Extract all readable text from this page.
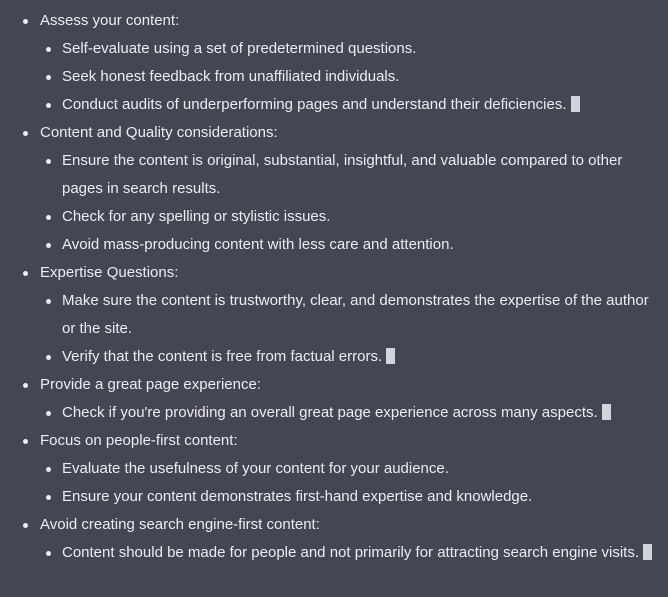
Assess your content:
Self-evaluate using a set of predetermined questions.
Seek honest feedback from unaffiliated individuals.
Conduct audits of underperforming pages and understand their deficiencies.
Content and Quality considerations:
Ensure the content is original, substantial, insightful, and valuable compared to other pages in search results.
Check for any spelling or stylistic issues.
Avoid mass-producing content with less care and attention.
Expertise Questions:
Make sure the content is trustworthy, clear, and demonstrates the expertise of the author or the site.
Verify that the content is free from factual errors.
Provide a great page experience:
Check if you're providing an overall great page experience across many aspects.
Focus on people-first content:
Evaluate the usefulness of your content for your audience.
Ensure your content demonstrates first-hand expertise and knowledge.
Avoid creating search engine-first content:
Content should be made for people and not primarily for attracting search engine visits.
